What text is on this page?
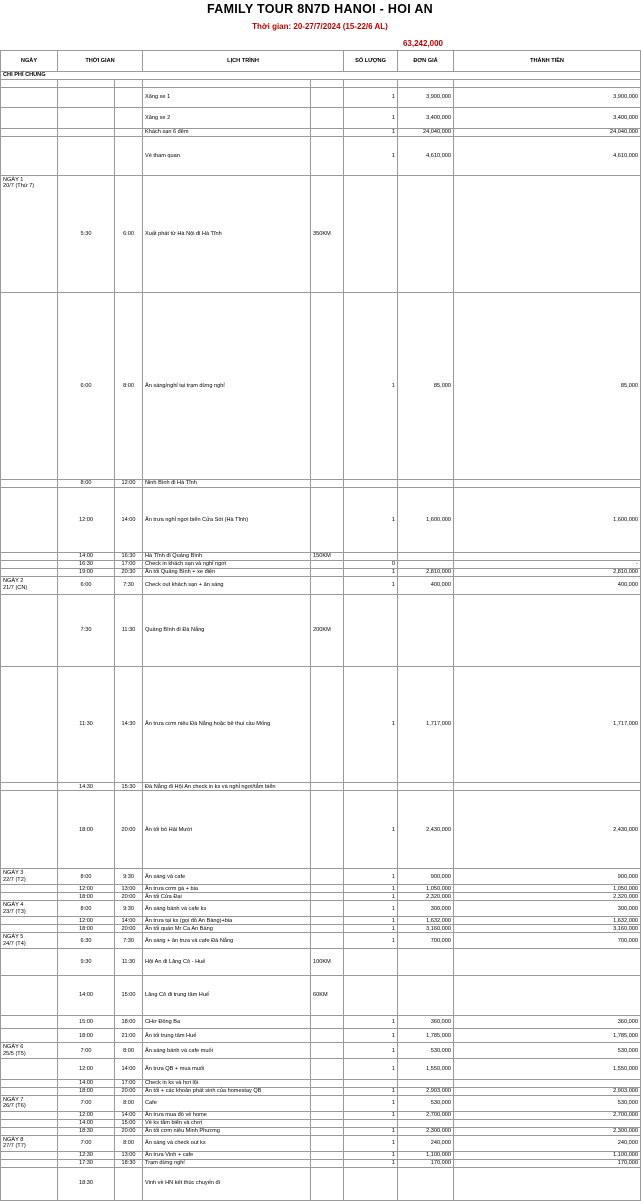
FAMILY TOUR 8N7D HANOI - HOI AN
Thời gian: 20-27/7/2024 (15-22/6 AL)
63,242,000
NGÀY	THỜI GIAN		LỊCH TRÌNH		SỐ LƯỢNG	ĐƠN GIÁ	THÀNH TIỀN	
CHI PHÍ CHUNG								

			Xăng xe 1		1	3,900,000	3,900,000	
			Xăng xe 2		1	3,400,000	3,400,000	
			Khách sạn 6 đêm		1	24,040,000	24,040,000	
			Vé tham quan		1	4,610,000	4,610,000	
NGÀY 1
20/7 (Thứ 7)	5:30	6:00	Xuất phát từ Hà Nội đi Hà Tĩnh	350KM				
	6:00	8:00	Ăn sáng/nghỉ tại trạm dừng nghỉ		1	85,000	85,000	
	8:00	12:00	Ninh Bình đi Hà Tĩnh					
	12:00	14:00	Ăn trưa nghỉ ngơi biển Cửa Sót (Hà Tĩnh)		1	1,600,000	1,600,000	
	14:00	16:30	Hà Tĩnh đi Quảng Bình	150KM				
	16:30	17:00	Check in khách sạn và nghỉ ngơi		0		-	
	19:00	20:30	Ăn tối Quảng Bình + xe điện		1	2,810,000	2,810,000	
NGÀY 2
21/7 (CN)	6:00	7:30	Check out khách sạn + ăn sáng		1	400,000	400,000	
	7:30	11:30	Quảng Bình đi Đà Nẵng	200KM				
	11:30	14:30	Ăn trưa cơm niêu Đà Nẵng hoặc bê thui cầu Mống		1	1,717,000	1,717,000	
	14:30	15:30	Đà Nẵng đi Hội An check in ks và nghỉ ngơi/tắm biển					
	18:00	20:00	Ăn tối bò Hải Mười		1	2,430,000	2,430,000	
NGÀY 3
22/7 (T2)	8:00	9:30	Ăn sáng và cafe		1	900,000	900,000	
	12:00	13:00	Ăn trưa cơm gà + bia		1	1,050,000	1,050,000	
	18:00	20:00	Ăn tối Cửa Đại		1	2,320,000	2,320,000	
NGÀY 4
23/7 (T3)	8:00	9:30	Ăn sáng bánh và cafe ks		1	300,000	300,000	
	12:00	14:00	Ăn trưa tại ks (gọi đồ An Bàng)+bia		1	1,632,000	1,632,000	
	18:00	20:00	Ăn tối quán Mr Ca An Bàng		1	3,160,000	3,160,000	
NGÀY 5
24/7 (T4)	6:30	7:30	Ăn sáng + ăn trưa và cafe Đà Nẵng		1	700,000	700,000	
	9:30	11:30	Hội An đi Lăng Cô - Huế	100KM				
	14:00	15:00	Lăng Cô đi trung tâm Huế	60KM				
	15:00	18:00	CHơ Đông Ba		1	360,000	360,000	
	18:00	21:00	Ăn tối trung tâm Huế		1	1,785,000	1,785,000	
NGÀY 6
25/5 (T5)	7:00	8:00	Ăn sáng bánh và cafe muối		1	530,000	530,000	
	12:00	14:00	Ăn trưa QB + mua muối		1	1,550,000	1,550,000	
	14:00	17:00	Check in ks và hơi lội					
	18:00	20:00	Ăn tối + các khoản phát sinh của homestay QB		1	2,903,000	2,903,000	
NGÀY 7
26/7 (T6)	7:00	8:00	Cafe		1	530,000	530,000	
	12:00	14:00	Ăn trưa mua đồ về home		1	2,700,000	2,700,000	
	14:00	15:00	Về ks tắm biển và chơi					
	18:30	20:00	Ăn tối cơm niêu Minh Phương		1	2,300,000	2,300,000	
NGÀY 8
27/7 (T7)	7:00	8:00	Ăn sáng và check out ks		1	240,000	240,000	
	12:30	13:00	Ăn trưa Vinh + cafe		1	1,100,000	1,100,000	
	17:30	18:30	Trạm dừng nghỉ		1	170,000	170,000	
	18:30		Vinh về HN kết thúc chuyến đi					
